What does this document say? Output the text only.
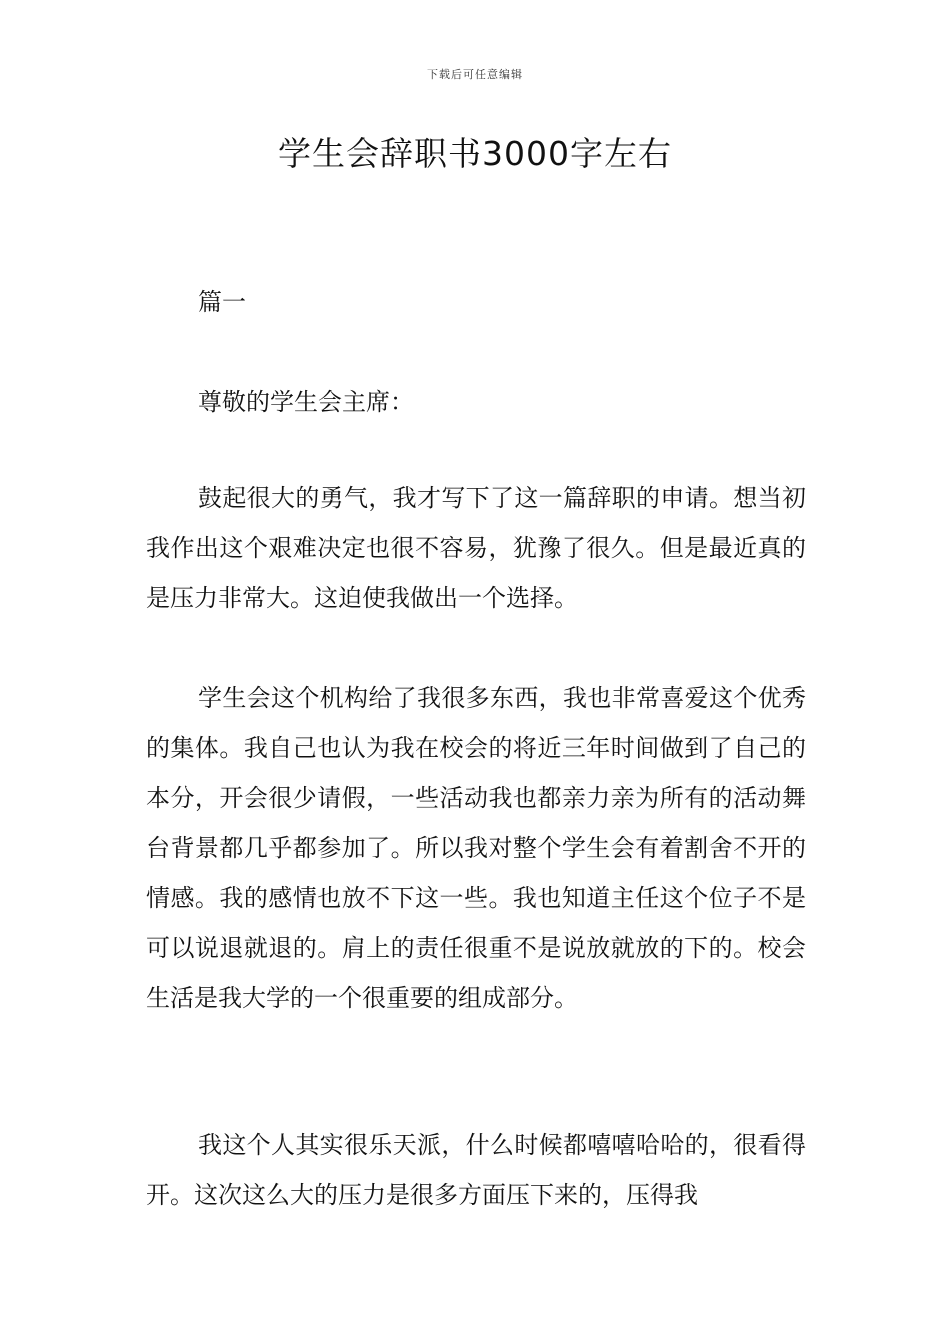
下载后可任意编辑
学生会辞职书3000字左右

篇一

尊敬的学生会主席：

鼓起很大的勇气，我才写下了这一篇辞职的申请。想当初我作出这个艰难决定也很不容易，犹豫了很久。但是最近真的是压力非常大。这迫使我做出一个选择。

学生会这个机构给了我很多东西，我也非常喜爱这个优秀的集体。我自己也认为我在校会的将近三年时间做到了自己的本分，开会很少请假，一些活动我也都亲力亲为所有的活动舞台背景都几乎都参加了。所以我对整个学生会有着割舍不开的情感。我的感情也放不下这一些。我也知道主任这个位子不是可以说退就退的。肩上的责任很重不是说放就放的下的。校会生活是我大学的一个很重要的组成部分。

我这个人其实很乐天派，什么时候都嘻嘻哈哈的，很看得开。这次这么大的压力是很多方面压下来的，压得我
